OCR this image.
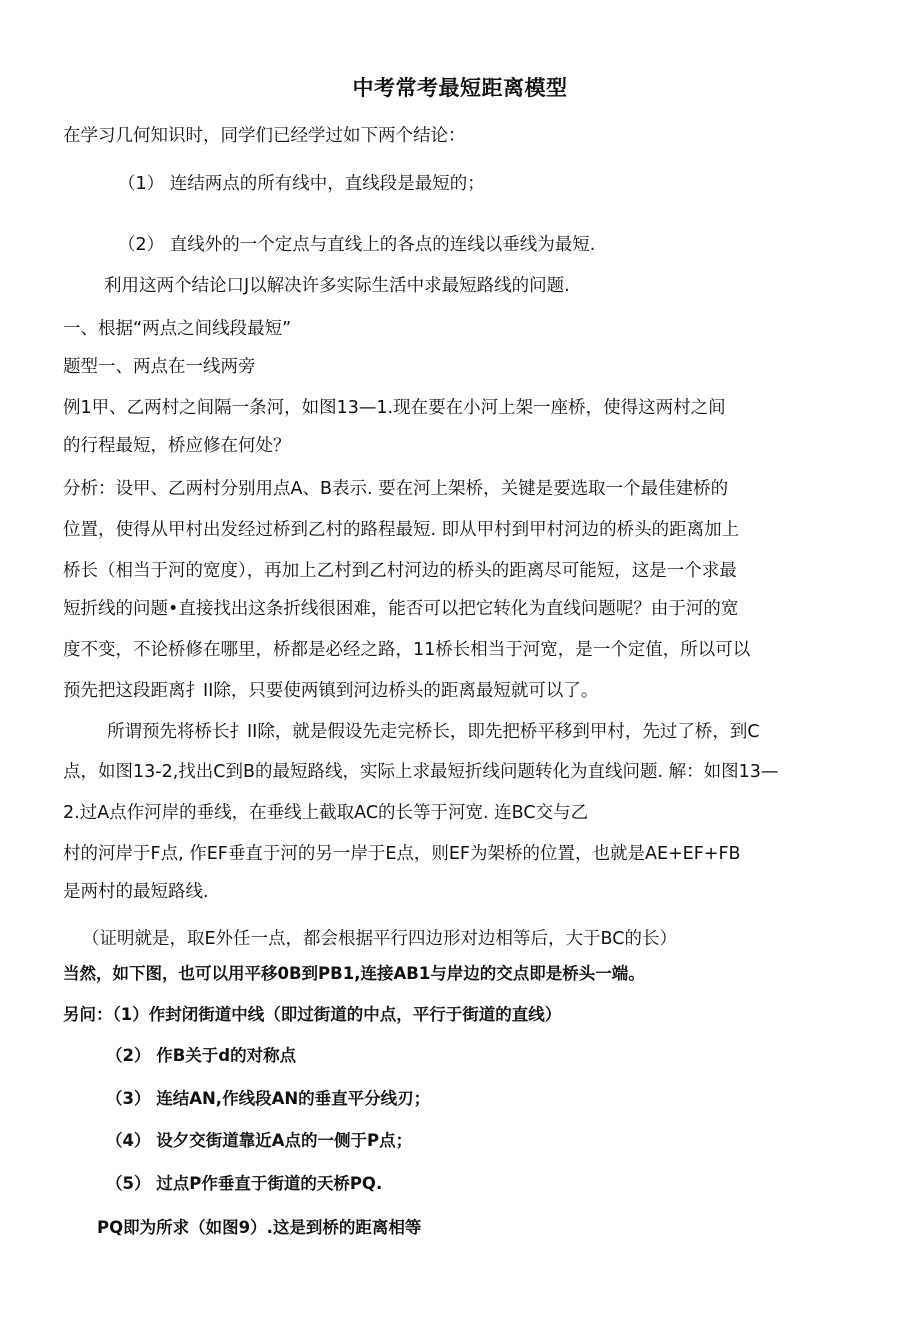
中考常考最短距离模型
在学习几何知识时，同学们已经学过如下两个结论：
（1） 连结两点的所有线中，直线段是最短的；
（2） 直线外的一个定点与直线上的各点的连线以垂线为最短.
利用这两个结论口J以解决许多实际生活中求最短路线的问题.
一、根据“两点之间线段最短”
题型一、两点在一线两旁
例1甲、乙两村之间隔一条河，如图13—1.现在要在小河上架一座桥，使得这两村之间
的行程最短，桥应修在何处？
分析：设甲、乙两村分别用点A、B表示. 要在河上架桥，关键是要选取一个最佳建桥的
位置，使得从甲村出发经过桥到乙村的路程最短. 即从甲村到甲村河边的桥头的距离加上
桥长（相当于河的宽度），再加上乙村到乙村河边的桥头的距离尽可能短，这是一个求最
短折线的问题•直接找出这条折线很困难，能否可以把它转化为直线问题呢？由于河的宽
度不变，不论桥修在哪里，桥都是必经之路，11桥长相当于河宽，是一个定值，所以可以
预先把这段距离扌II除，只要使两镇到河边桥头的距离最短就可以了。
所谓预先将桥长扌II除，就是假设先走完桥长，即先把桥平移到甲村，先过了桥，到C
点，如图13-2,找出C到B的最短路线，实际上求最短折线问题转化为直线问题. 解：如图13—
2.过A点作河岸的垂线，在垂线上截取AC的长等于河宽. 连BC交与乙
村的河岸于F点, 作EF垂直于河的另一岸于E点，则EF为架桥的位置，也就是AE+EF+FB
是两村的最短路线.
（证明就是，取E外任一点，都会根据平行四边形对边相等后，大于BC的长）
当然，如下图，也可以用平移0B到PB1,连接AB1与岸边的交点即是桥头一端。
另问：（1）作封闭街道中线（即过街道的中点，平行于街道的直线）
（2） 作B关于d的对称点
（3） 连结AN,作线段AN的垂直平分线刃；
（4） 设夕交街道靠近A点的一侧于P点；
（5） 过点P作垂直于街道的天桥PQ.
PQ即为所求（如图9）.这是到桥的距离相等
